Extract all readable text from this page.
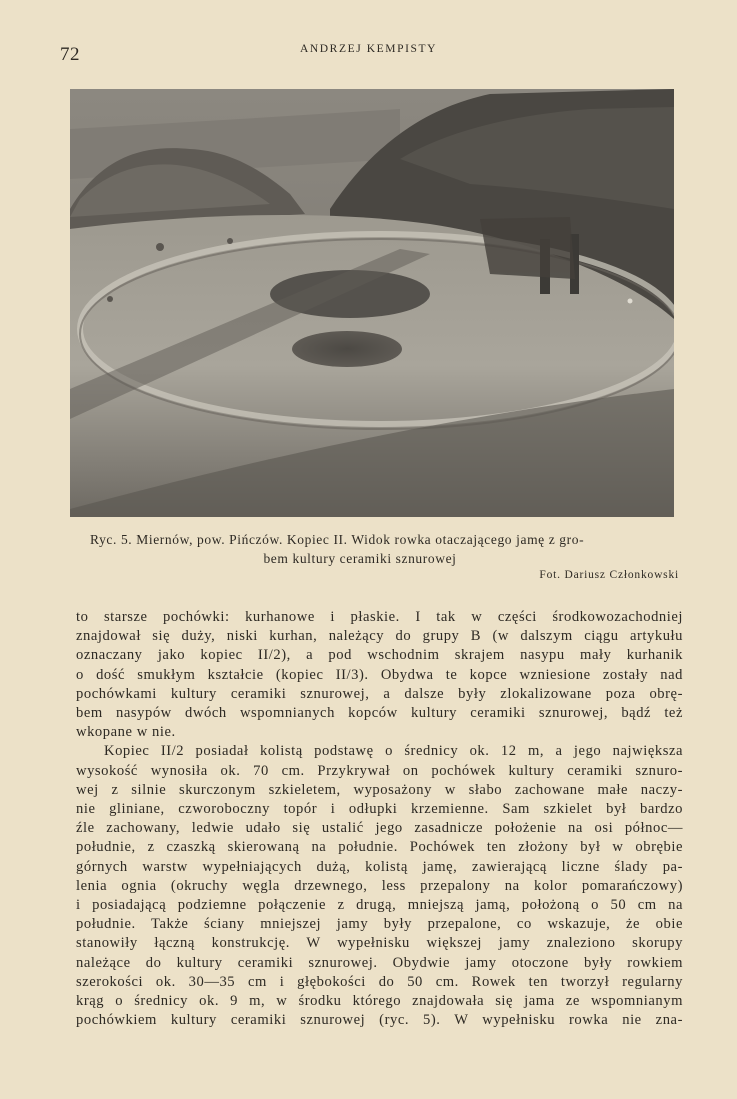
72	ANDRZEJ KEMPISTY
Ryc. 5. Miernów, pow. Pińczów. Kopiec II. Widok rowka otaczającego jamę z gro-
bem kultury ceramiki sznurowej
Fot. Dariusz Członkowski
to starsze pochówki: kurhanowe i płaskie. I tak w części środkowozachodniej
znajdował się duży, niski kurhan, należący do grupy B (w dalszym ciągu artykułu
oznaczany jako kopiec II/2), a pod wschodnim skrajem nasypu mały kurhanik
o dość smukłym kształcie (kopiec II/3). Obydwa te kopce wzniesione zostały nad
pochówkami kultury ceramiki sznurowej, a dalsze były zlokalizowane poza obrę-
bem nasypów dwóch wspomnianych kopców kultury ceramiki sznurowej, bądź też
wkopane w nie.
Kopiec II/2 posiadał kolistą podstawę o średnicy ok. 12 m, a jego największa
wysokość wynosiła ok. 70 cm. Przykrywał on pochówek kultury ceramiki sznuro-
wej z silnie skurczonym szkieletem, wyposażony w słabo zachowane małe naczy-
nie gliniane, czworoboczny topór i odłupki krzemienne. Sam szkielet był bardzo
źle zachowany, ledwie udało się ustalić jego zasadnicze położenie na osi północ—
południe, z czaszką skierowaną na południe. Pochówek ten złożony był w obrębie
górnych warstw wypełniających dużą, kolistą jamę, zawierającą liczne ślady pa-
lenia ognia (okruchy węgla drzewnego, less przepalony na kolor pomarańczowy)
i posiadającą podziemne połączenie z drugą, mniejszą jamą, położoną o 50 cm na
południe. Także ściany mniejszej jamy były przepalone, co wskazuje, że obie
stanowiły łączną konstrukcję. W wypełnisku większej jamy znaleziono skorupy
należące do kultury ceramiki sznurowej. Obydwie jamy otoczone były rowkiem
szerokości ok. 30—35 cm i głębokości do 50 cm. Rowek ten tworzył regularny
krąg o średnicy ok. 9 m, w środku którego znajdowała się jama ze wspomnianym
pochówkiem kultury ceramiki sznurowej (ryc. 5). W wypełnisku rowka nie zna-
